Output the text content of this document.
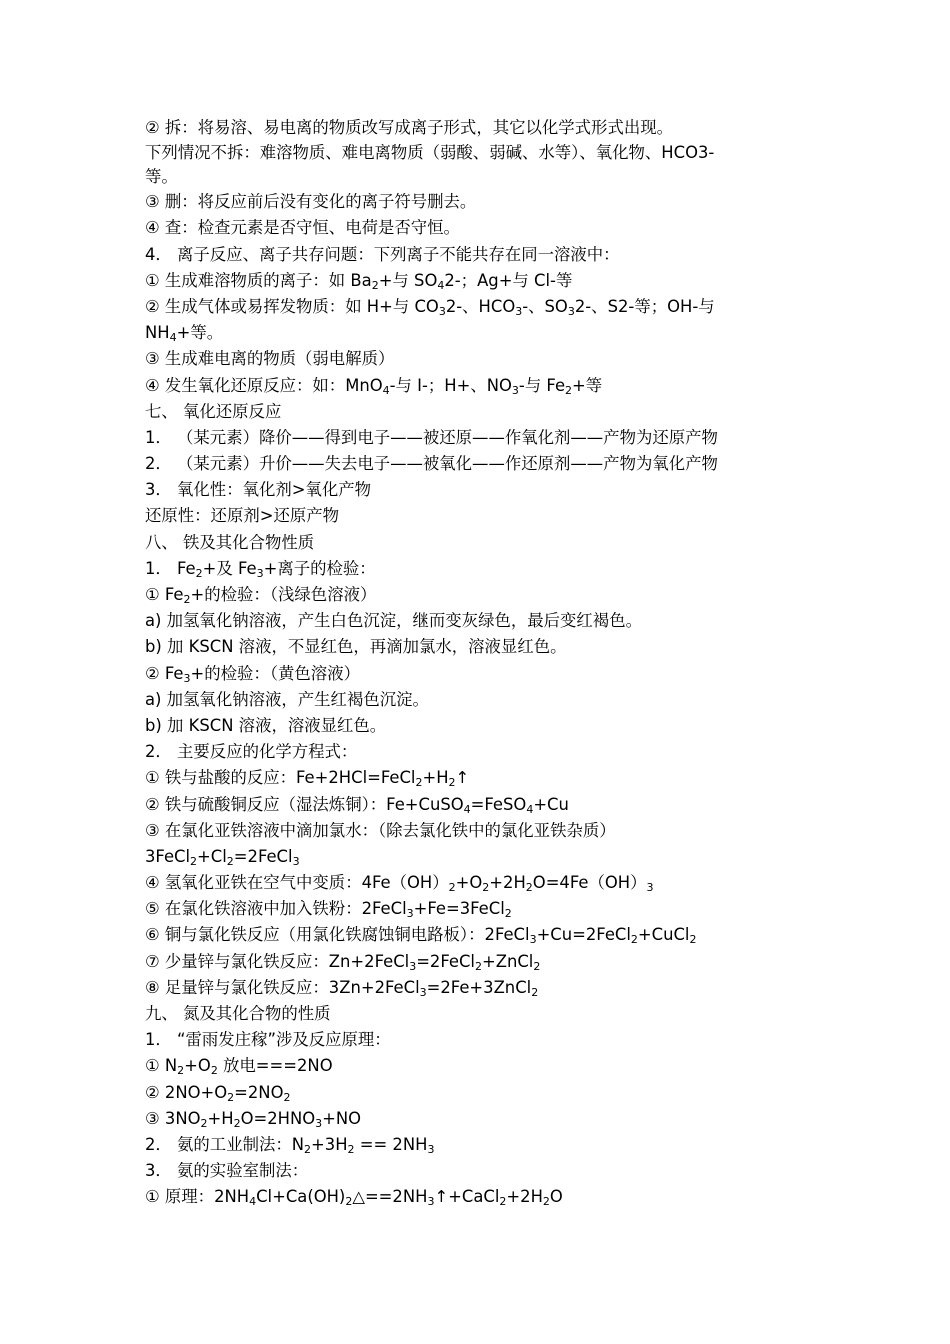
② 拆：将易溶、易电离的物质改写成离子形式，其它以化学式形式出现。
下列情况不拆：难溶物质、难电离物质（弱酸、弱碱、水等）、氧化物、HCO3-
等。
③ 删：将反应前后没有变化的离子符号删去。
④ 查：检查元素是否守恒、电荷是否守恒。
4． 离子反应、离子共存问题：下列离子不能共存在同一溶液中：
① 生成难溶物质的离子：如 $Ba_2+$与 $SO_42-$；Ag+与 Cl-等
② 生成气体或易挥发物质：如 H+与 $CO_32-$、$HCO_3-$、$SO_32-$、S2-等；OH-与
$NH_4+$等。
③ 生成难电离的物质（弱电解质）
④ 发生氧化还原反应：如：MnO$_4$-与 I-；H+、$NO_3-$与 $Fe_2+$等
七、 氧化还原反应
1． （某元素）降价——得到电子——被还原——作氧化剂——产物为还原产物
2． （某元素）升价——失去电子——被氧化——作还原剂——产物为氧化产物
3． 氧化性：氧化剂>氧化产物
还原性：还原剂>还原产物
八、 铁及其化合物性质
1． $Fe_2+$及 $Fe_3+$离子的检验：
① $Fe_2+$的检验：（浅绿色溶液）
a) 加氢氧化钠溶液，产生白色沉淀，继而变灰绿色，最后变红褐色。
b) 加 KSCN 溶液，不显红色，再滴加氯水，溶液显红色。
② $Fe_3+$的检验：（黄色溶液）
a) 加氢氧化钠溶液，产生红褐色沉淀。
b) 加 KSCN 溶液，溶液显红色。
2． 主要反应的化学方程式：
① 铁与盐酸的反应：$Fe+2HCl=FeCl_2+H_2↑$
② 铁与硫酸铜反应（湿法炼铜）：Fe+CuSO$_4$=FeSO$_4$+Cu
③ 在氯化亚铁溶液中滴加氯水：（除去氯化铁中的氯化亚铁杂质）
$3FeCl_2+Cl_2=2FeCl_3$
④ 氢氧化亚铁在空气中变质：$4Fe(OH)_2+O_2+2H_2O=4Fe(OH)_3$
⑤ 在氯化铁溶液中加入铁粉：2FeCl$_3$+Fe=3FeCl$_2$
⑥ 铜与氯化铁反应（用氯化铁腐蚀铜电路板）：2FeCl$_3$+Cu=2FeCl$_2$+CuCl$_2$
⑦ 少量锌与氯化铁反应：Zn+2FeCl$_3$=2FeCl$_2$+ZnCl$_2$
⑧ 足量锌与氯化铁反应：3Zn+2FeCl$_3$=2Fe+3ZnCl$_2$
九、 氮及其化合物的性质
1． “雷雨发庄稼”涉及反应原理：
① $N_2+O_2$ 放电===2NO
② $2NO+O_2=2NO_2$
③ $3NO_2+H_2O=2HNO_3+NO$
2． 氨的工业制法：$N_2+3H_2 == 2NH_3$
3． 氨的实验室制法：
① 原理：$2NH_4Cl+Ca(OH)_2\triangle==2NH_3↑+CaCl_2+2H_2O$
